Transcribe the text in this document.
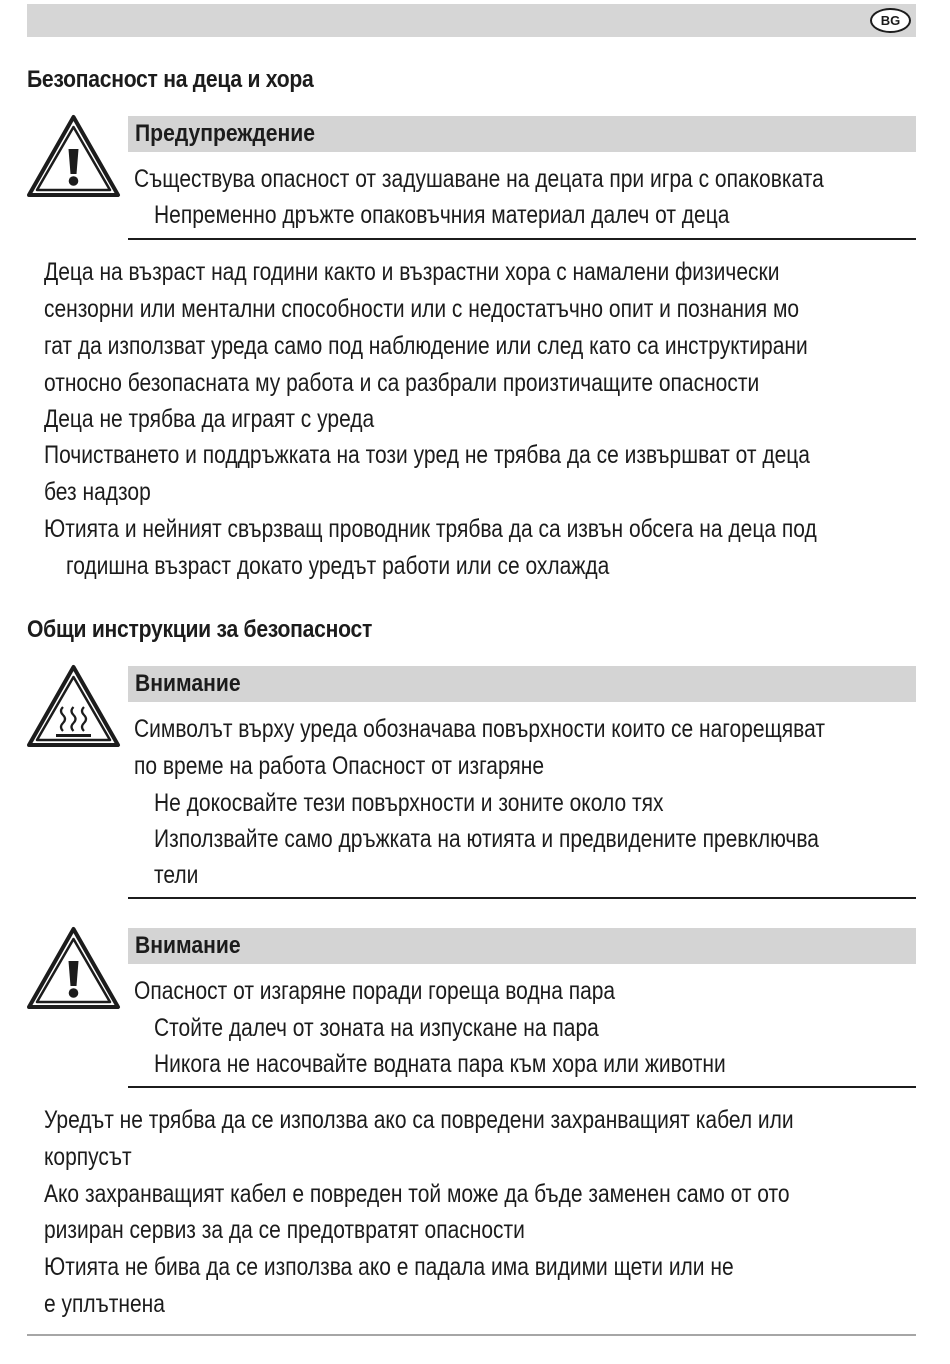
BG
Безопасност на деца и хора
Предупреждение
Съществува опасност от задушаване на децата при игра с опаковката
Непременно дръжте опаковъчния материал далеч от деца
Деца на възраст над години както и възрастни хора с намалени физически
сензорни или ментални способности или с недостатъчно опит и познания мо
гат да използват уреда само под наблюдение или след като са инструктирани
относно безопасната му работа и са разбрали произтичащите опасности
Деца не трябва да играят с уреда
Почистването и поддръжката на този уред не трябва да се извършват от деца
без надзор
Ютията и нейният свързващ проводник трябва да са извън обсега на деца под
годишна възраст докато уредът работи или се охлажда
Общи инструкции за безопасност
Внимание
Символът върху уреда обозначава повърхности които се нагорещяват
по време на работа Опасност от изгаряне
Не докосвайте тези повърхности и зоните около тях
Използвайте само дръжката на ютията и предвидените превключва
тели
Внимание
Опасност от изгаряне поради гореща водна пара
Стойте далеч от зоната на изпускане на пара
Никога не насочвайте водната пара към хора или животни
Уредът не трябва да се използва ако са повредени захранващият кабел или
корпусът
Ако захранващият кабел е повреден той може да бъде заменен само от ото
ризиран сервиз за да се предотвратят опасности
Ютията не бива да се използва ако е падала има видими щети или не
е уплътнена
